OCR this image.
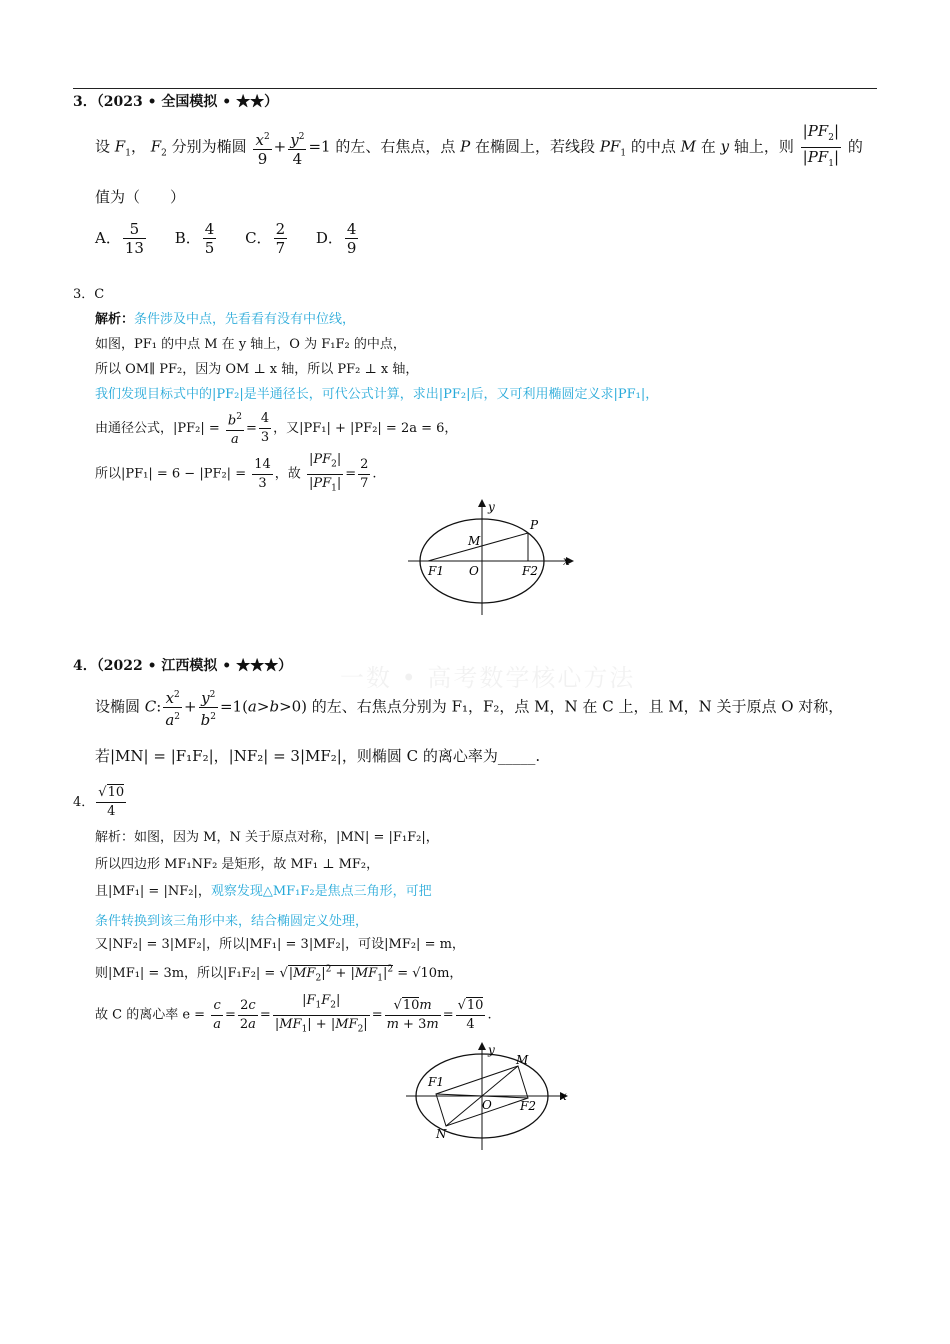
一数 • 高考数学核心方法
3．（2023 • 全国模拟 • ★★）
设 $F_1$， $F_2$ 分别为椭圆 $\frac{x^2}{9} + \frac{y^2}{4} =1$ 的左、右焦点，点 P 在椭圆上，若线段 $PF_1$ 的中点 M 在 y 轴上，则 $\frac{|PF_2|}{|PF_1|}$ 的
值为（　　）
A． $\frac{5}{13}$ B． $\frac{4}{5}$ C． $\frac{2}{7}$ D． $\frac{4}{9}$
3．C
解析：条件涉及中点，先看看有没有中位线，
如图，PF₁ 的中点 M 在 y 轴上，O 为 F₁F₂ 的中点，
所以 OM∥ PF₂，因为 OM ⊥ x 轴，所以 PF₂ ⊥ x 轴，
我们发现目标式中的|PF₂|是半通径长，可代公式计算，求出|PF₂|后，又可利用椭圆定义求|PF₁|，
由通径公式，$|PF_2| = \frac{b^2}{a} = \frac{4}{3}$ ，又|PF₁| + |PF₂| = 2a = 6，
所以$|PF_1| = 6 - |PF_2| = \frac{14}{3}$ ，故 $\frac{|PF_2|}{|PF_1|} = \frac{2}{7}$ .
y
P
M
x
F1 O	F2
4．（2022 • 江西模拟 • ★★★）
设椭圆 C: $\frac{x^2}{a^2} + \frac{y^2}{b^2} =1(a>b>0)$ 的左、右焦点分别为 F₁，F₂，点 M，N 在 C 上，且 M，N 关于原点 O 对称，
若|MN| = |F₁F₂|，|NF₂| = 3|MF₂|，则椭圆 C 的离心率为_____.
4． $\frac{√10}{4}$
解析：如图，因为 M，N 关于原点对称，|MN| = |F₁F₂|，
所以四边形 MF₁NF₂ 是矩形，故 MF₁ ⊥ MF₂，
且|MF₁| = |NF₂|，观察发现△MF₁F₂是焦点三角形，可把
条件转换到该三角形中来，结合椭圆定义处理，
又|NF₂| = 3|MF₂|，所以|MF₁| = 3|MF₂|，可设|MF₂| = m，
则|MF₁| = 3m，所以$|F_1F_2| = √|MF_2|^2 + |MF_1|^2 = √10m$，
故 C 的离心率 $e = \frac{c}{a} = \frac{2c}{2a} = \frac{|F_1F_2|}{|MF_1| + |MF_2|} = \frac{√10m}{m + 3m} = \frac{√10}{4}$ .
y
M
F1
x
O F2
N
